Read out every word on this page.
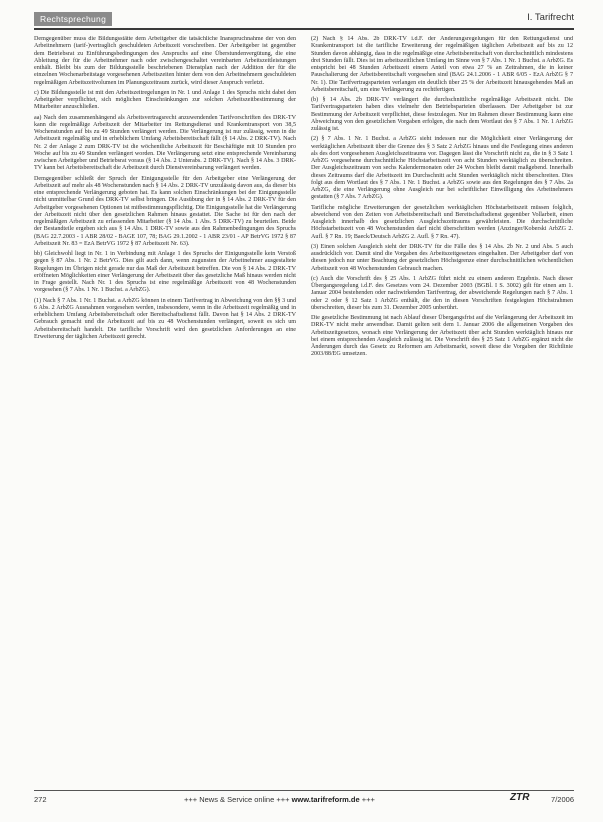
Rechtsprechung	I. Tarifrecht

Demgegenüber muss die Bildungsstätte dem Arbeitgeber die tatsächliche Inanspruchnahme der von den Arbeitnehmern (tarif-)vertraglich geschuldeten Arbeitszeit vorschreiben. Der Arbeitgeber ist gegenüber dem Betriebsrat zu Einführungsbedingungen des Anspruchs auf eine Überstundenvergütung, die eine Ableitung der für die Arbeitnehmer nach oder zwischengeschaltet vereinbarten Arbeitszeitleistungen enthält. Bleibt bis zum der Bildungsstelle beschriebenen Dienstplan nach der Addition der für die einzelnen Wochenarbeitstage vorgesehenen Arbeitszeiten hinter dem von den Arbeitnehmern geschuldeten regelmäßigen Arbeitszeitvolumen im Planungszeitraum zurück, wird dieser Anspruch verletzt.

c) Die Bildungsstelle ist mit den Arbeitszeitregelungen in Nr. 1 und Anlage 1 des Spruchs nicht dabei den Arbeitgeber verpflichtet, sich möglichen Einschränkungen zur solchen Arbeitszeitbestimmung der Mitarbeiter anzuschließen.

aa) Nach den zusammenhängend als Arbeitsvertragsrecht anzuwendenden Tarifvorschriften des DRK-TV kann die regelmäßige Arbeitszeit der Mitarbeiter im Rettungsdienst und Krankentransport von 38,5 Wochenstunden auf bis zu 49 Stunden verlängert werden. Die Verlängerung ist nur zulässig, wenn in die Arbeitszeit regelmäßig und in erheblichem Umfang Arbeitsbereitschaft fällt (§ 14 Abs. 2 DRK-TV). Nach Nr. 2 der Anlage 2 zum DRK-TV ist die wöchentliche Arbeitszeit für Beschäftigte mit 10 Stunden pro Woche auf bis zu 49 Stunden verlängert worden. Die Verlängerung setzt eine entsprechende Vereinbarung zwischen Arbeitgeber und Betriebsrat voraus (§ 14 Abs. 2 Unterabs. 2 DRK-TV). Nach § 14 Abs. 3 DRK-TV kann bei Arbeitsbereitschaft die Arbeitszeit durch Dienstvereinbarung verlängert werden.

Demgegenüber schließt der Spruch der Einigungsstelle für den Arbeitgeber eine Verlängerung der Arbeitszeit auf mehr als 48 Wochenstunden nach § 14 Abs. 2 DRK-TV unzulässig davon aus, da dieser bis eine entsprechende Verlängerung geboten hat. Es kann solchen Einschränkungen bei der Einigungsstelle nicht unmittelbar Grund des DRK-TV selbst bringen. Die Ausübung der in § 14 Abs. 2 DRK-TV für den Arbeitgeber vorgesehenen Optionen ist mitbestimmungspflichtig. Die Einigungsstelle hat die Verlängerung der Arbeitszeit nicht über den gesetzlichen Rahmen hinaus gestattet. Die Sache ist für den nach der regelmäßigen Arbeitszeit zu erfassenden Mitarbeiter (§ 14 Abs. 1 Abs. 5 DRK-TV) zu beurteilen. Beide der Bestandteile ergeben sich aus § 14 Abs. 1 DRK-TV sowie aus den Rahmenbedingungen des Spruchs (BAG 22.7.2003 - 1 ABR 28/02 - BAGE 107, 78; BAG 29.1.2002 - 1 ABR 23/01 - AP BetrVG 1972 § 87 Arbeitszeit Nr. 83 = EzA BetrVG 1972 § 87 Arbeitszeit Nr. 63).

bb) Gleichwohl liegt in Nr. 1 in Verbindung mit Anlage 1 des Spruchs der Einigungsstelle kein Verstoß gegen § 87 Abs. 1 Nr. 2 BetrVG. Dies gilt auch dann, wenn zugunsten der Arbeitnehmer ausgestaltete Regelungen im Übrigen nicht gerade nur das Maß der Arbeitszeit betreffen. Die von § 14 Abs. 2 DRK-TV eröffneten Möglichkeiten einer Verlängerung der Arbeitszeit über das gesetzliche Maß hinaus werden nicht in Frage gestellt. Nach Nr. 1 des Spruchs ist eine regelmäßige Arbeitszeit von 48 Wochenstunden vorgesehen (§ 7 Abs. 1 Nr. 1 Buchst. a ArbZG).

(1) Nach § 7 Abs. 1 Nr. 1 Buchst. a ArbZG können in einem Tarifvertrag in Abweichung von den §§ 3 und 6 Abs. 2 ArbZG Ausnahmen vorgesehen werden, insbesondere, wenn in die Arbeitszeit regelmäßig und in erheblichem Umfang Arbeitsbereitschaft oder Bereitschaftsdienst fällt. Davon hat § 14 Abs. 2 DRK-TV Gebrauch gemacht und die Arbeitszeit auf bis zu 48 Wochenstunden verlängert, soweit es sich um Arbeitsbereitschaft handelt. Die tarifliche Vorschrift wird den gesetzlichen Anforderungen an eine Erweiterung der täglichen Arbeitszeit gerecht.

(2) Nach § 14 Abs. 2b DRK-TV i.d.F. der Änderungsregelungen für den Rettungsdienst und Krankentransport ist die tarifliche Erweiterung der regelmäßigen täglichen Arbeitszeit auf bis zu 12 Stunden davon abhängig, dass in die regelmäßige eine Arbeitsbereitschaft von durchschnittlich mindestens drei Stunden fällt. Dies ist im arbeitszeitlichen Umfang im Sinne von § 7 Abs. 1 Nr. 1 Buchst. a ArbZG. Es entspricht bei 48 Stunden Arbeitszeit einem Anteil von etwa 27 % an Zeitrahmen, die in keiner Pauschalierung der Arbeitsbereitschaft vorgesehen sind (BAG 24.1.2006 - 1 ABR 6/05 - EzA ArbZG § 7 Nr. 1). Die Tarifvertragsparteien verlangen ein deutlich über 25 % der Arbeitszeit hinausgehendes Maß an Arbeitsbereitschaft, um eine Verlängerung zu rechtfertigen.

(b) § 14 Abs. 2b DRK-TV verlängert die durchschnittliche regelmäßige Arbeitszeit nicht. Die Tarifvertragsparteien haben dies vielmehr den Betriebsparteien überlassen. Der Arbeitgeber ist zur Bestimmung der Arbeitszeit verpflichtet, diese festzulegen. Nur im Rahmen dieser Bestimmung kann eine Abweichung von den gesetzlichen Vorgaben erfolgen, die nach dem Wortlaut des § 7 Abs. 1 Nr. 1 ArbZG zulässig ist.

(2) § 7 Abs. 1 Nr. 1 Buchst. a ArbZG sieht indessen nur die Möglichkeit einer Verlängerung der werktäglichen Arbeitszeit über die Grenze des § 3 Satz 2 ArbZG hinaus und die Festlegung eines anderen als des dort vorgesehenen Ausgleichszeitraums vor. Dagegen lässt die Vorschrift nicht zu, die in § 3 Satz 1 ArbZG vorgesehene durchschnittliche Höchstarbeitszeit von acht Stunden werktäglich zu überschreiten. Der Ausgleichszeitraum von sechs Kalendermonaten oder 24 Wochen bleibt damit maßgebend. Innerhalb dieses Zeitraums darf die Arbeitszeit im Durchschnitt acht Stunden werktäglich nicht überschreiten. Dies folgt aus dem Wortlaut des § 7 Abs. 1 Nr. 1 Buchst. a ArbZG sowie aus den Regelungen des § 7 Abs. 2a ArbZG, die eine Verlängerung ohne Ausgleich nur bei schriftlicher Einwilligung des Arbeitnehmers gestatten (§ 7 Abs. 7 ArbZG).

Tarifliche mögliche Erweiterungen der gesetzlichen werktäglichen Höchstarbeitszeit müssen folglich, abweichend von den Zeiten von Arbeitsbereitschaft und Bereitschaftsdienst gegenüber Vollarbeit, einen Ausgleich innerhalb des gesetzlichen Ausgleichszeitraums gewährleisten. Die durchschnittliche Höchstarbeitszeit von 48 Wochenstunden darf nicht überschritten werden (Anzinger/Koberski ArbZG 2. Aufl. § 7 Rn. 19; Baeck/Deutsch ArbZG 2. Aufl. § 7 Rn. 47).

(3) Einen solchen Ausgleich sieht der DRK-TV für die Fälle des § 14 Abs. 2b Nr. 2 und Abs. 5 auch ausdrücklich vor. Damit sind die Vorgaben des Arbeitszeitgesetzes eingehalten. Der Arbeitgeber darf von diesen jedoch nur unter Beachtung der gesetzlichen Höchstgrenze einer durchschnittlichen wöchentlichen Arbeitszeit von 48 Wochenstunden Gebrauch machen.

(c) Auch die Vorschrift des § 25 Abs. 1 ArbZG führt nicht zu einem anderen Ergebnis. Nach dieser Übergangsregelung i.d.F. des Gesetzes vom 24. Dezember 2003 (BGBl. I S. 3002) gilt für einen am 1. Januar 2004 bestehenden oder nachwirkenden Tarifvertrag, der abweichende Regelungen nach § 7 Abs. 1 oder 2 oder § 12 Satz 1 ArbZG enthält, die den in diesen Vorschriften festgelegten Höchstrahmen überschreiten, dieser bis zum 31. Dezember 2005 unberührt.

Die gesetzliche Bestimmung ist nach Ablauf dieser Übergangsfrist auf die Verlängerung der Arbeitszeit im DRK-TV nicht mehr anwendbar. Damit gelten seit dem 1. Januar 2006 die allgemeinen Vorgaben des Arbeitszeitgesetzes, wonach eine Verlängerung der Arbeitszeit über acht Stunden werktäglich hinaus nur bei einem entsprechenden Ausgleich zulässig ist. Die Vorschrift des § 25 Satz 1 ArbZG ergänzt nicht die Änderungen durch das Gesetz zu Reformen am Arbeitsmarkt, soweit diese die Vorgaben der Richtlinie 2003/88/EG umsetzen.

272	+++ News & Service online +++ www.tarifreform.de +++	ZTR	7/2006
